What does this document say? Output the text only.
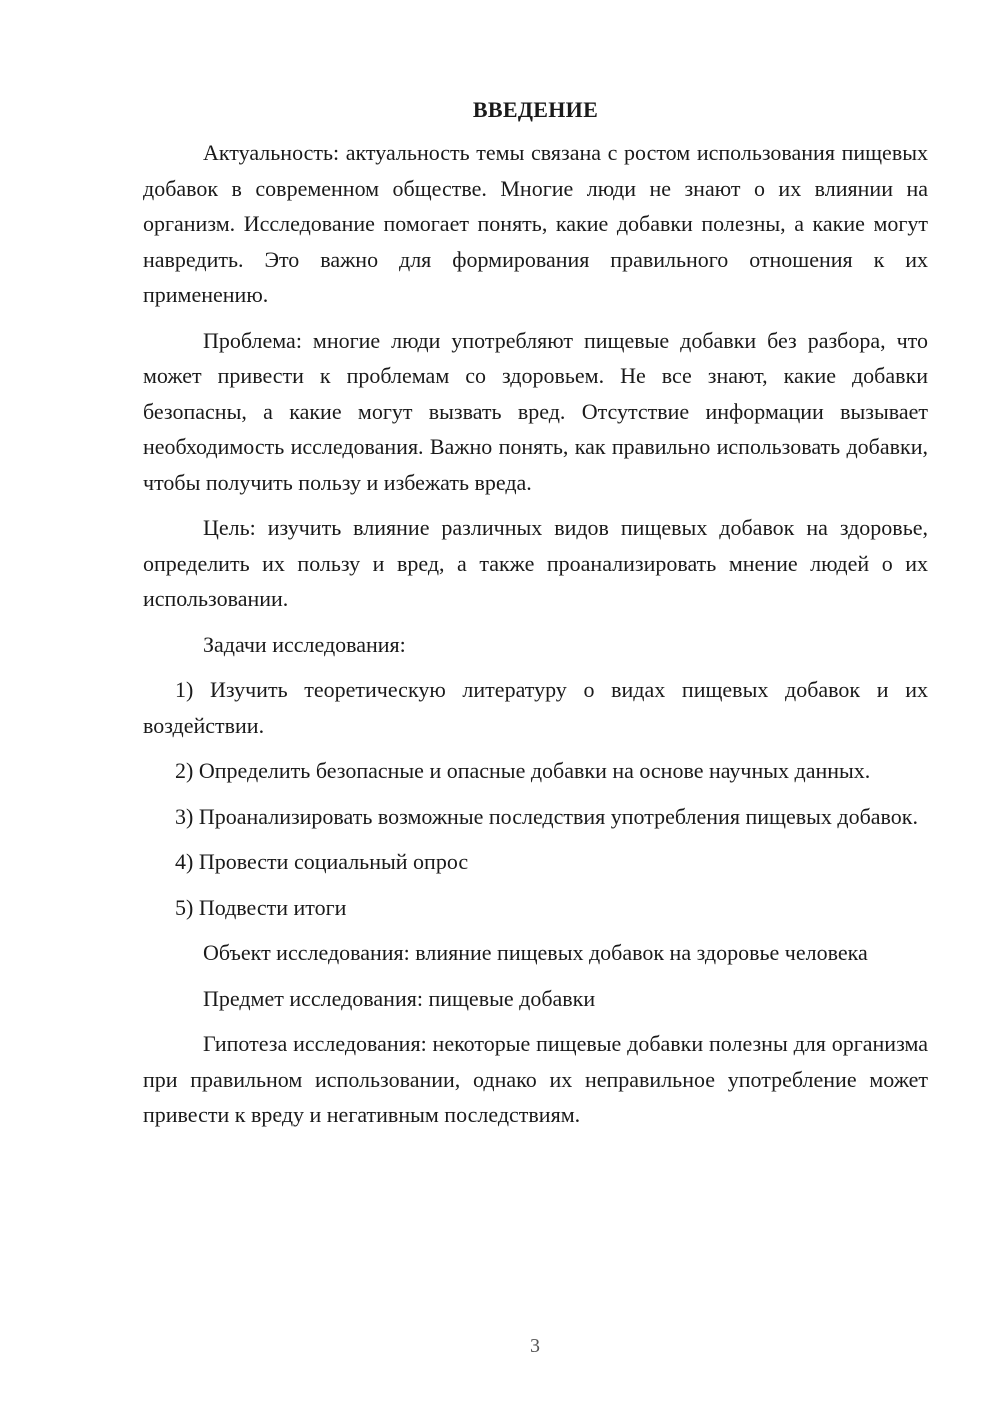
ВВЕДЕНИЕ

Актуальность: актуальность темы связана с ростом использования пищевых добавок в современном обществе. Многие люди не знают о их влиянии на организм. Исследование помогает понять, какие добавки полезны, а какие могут навредить. Это важно для формирования правильного отношения к их применению.

Проблема: многие люди употребляют пищевые добавки без разбора, что может привести к проблемам со здоровьем. Не все знают, какие добавки безопасны, а какие могут вызвать вред. Отсутствие информации вызывает необходимость исследования. Важно понять, как правильно использовать добавки, чтобы получить пользу и избежать вреда.

Цель: изучить влияние различных видов пищевых добавок на здоровье, определить их пользу и вред, а также проанализировать мнение людей о их использовании.

Задачи исследования:

1) Изучить теоретическую литературу о видах пищевых добавок и их воздействии.

2) Определить безопасные и опасные добавки на основе научных данных.

3) Проанализировать возможные последствия употребления пищевых добавок.

4) Провести социальный опрос

5) Подвести итоги

Объект исследования: влияние пищевых добавок на здоровье человека

Предмет исследования: пищевые добавки

Гипотеза исследования: некоторые пищевые добавки полезны для организма при правильном использовании, однако их неправильное употребление может привести к вреду и негативным последствиям.

3
